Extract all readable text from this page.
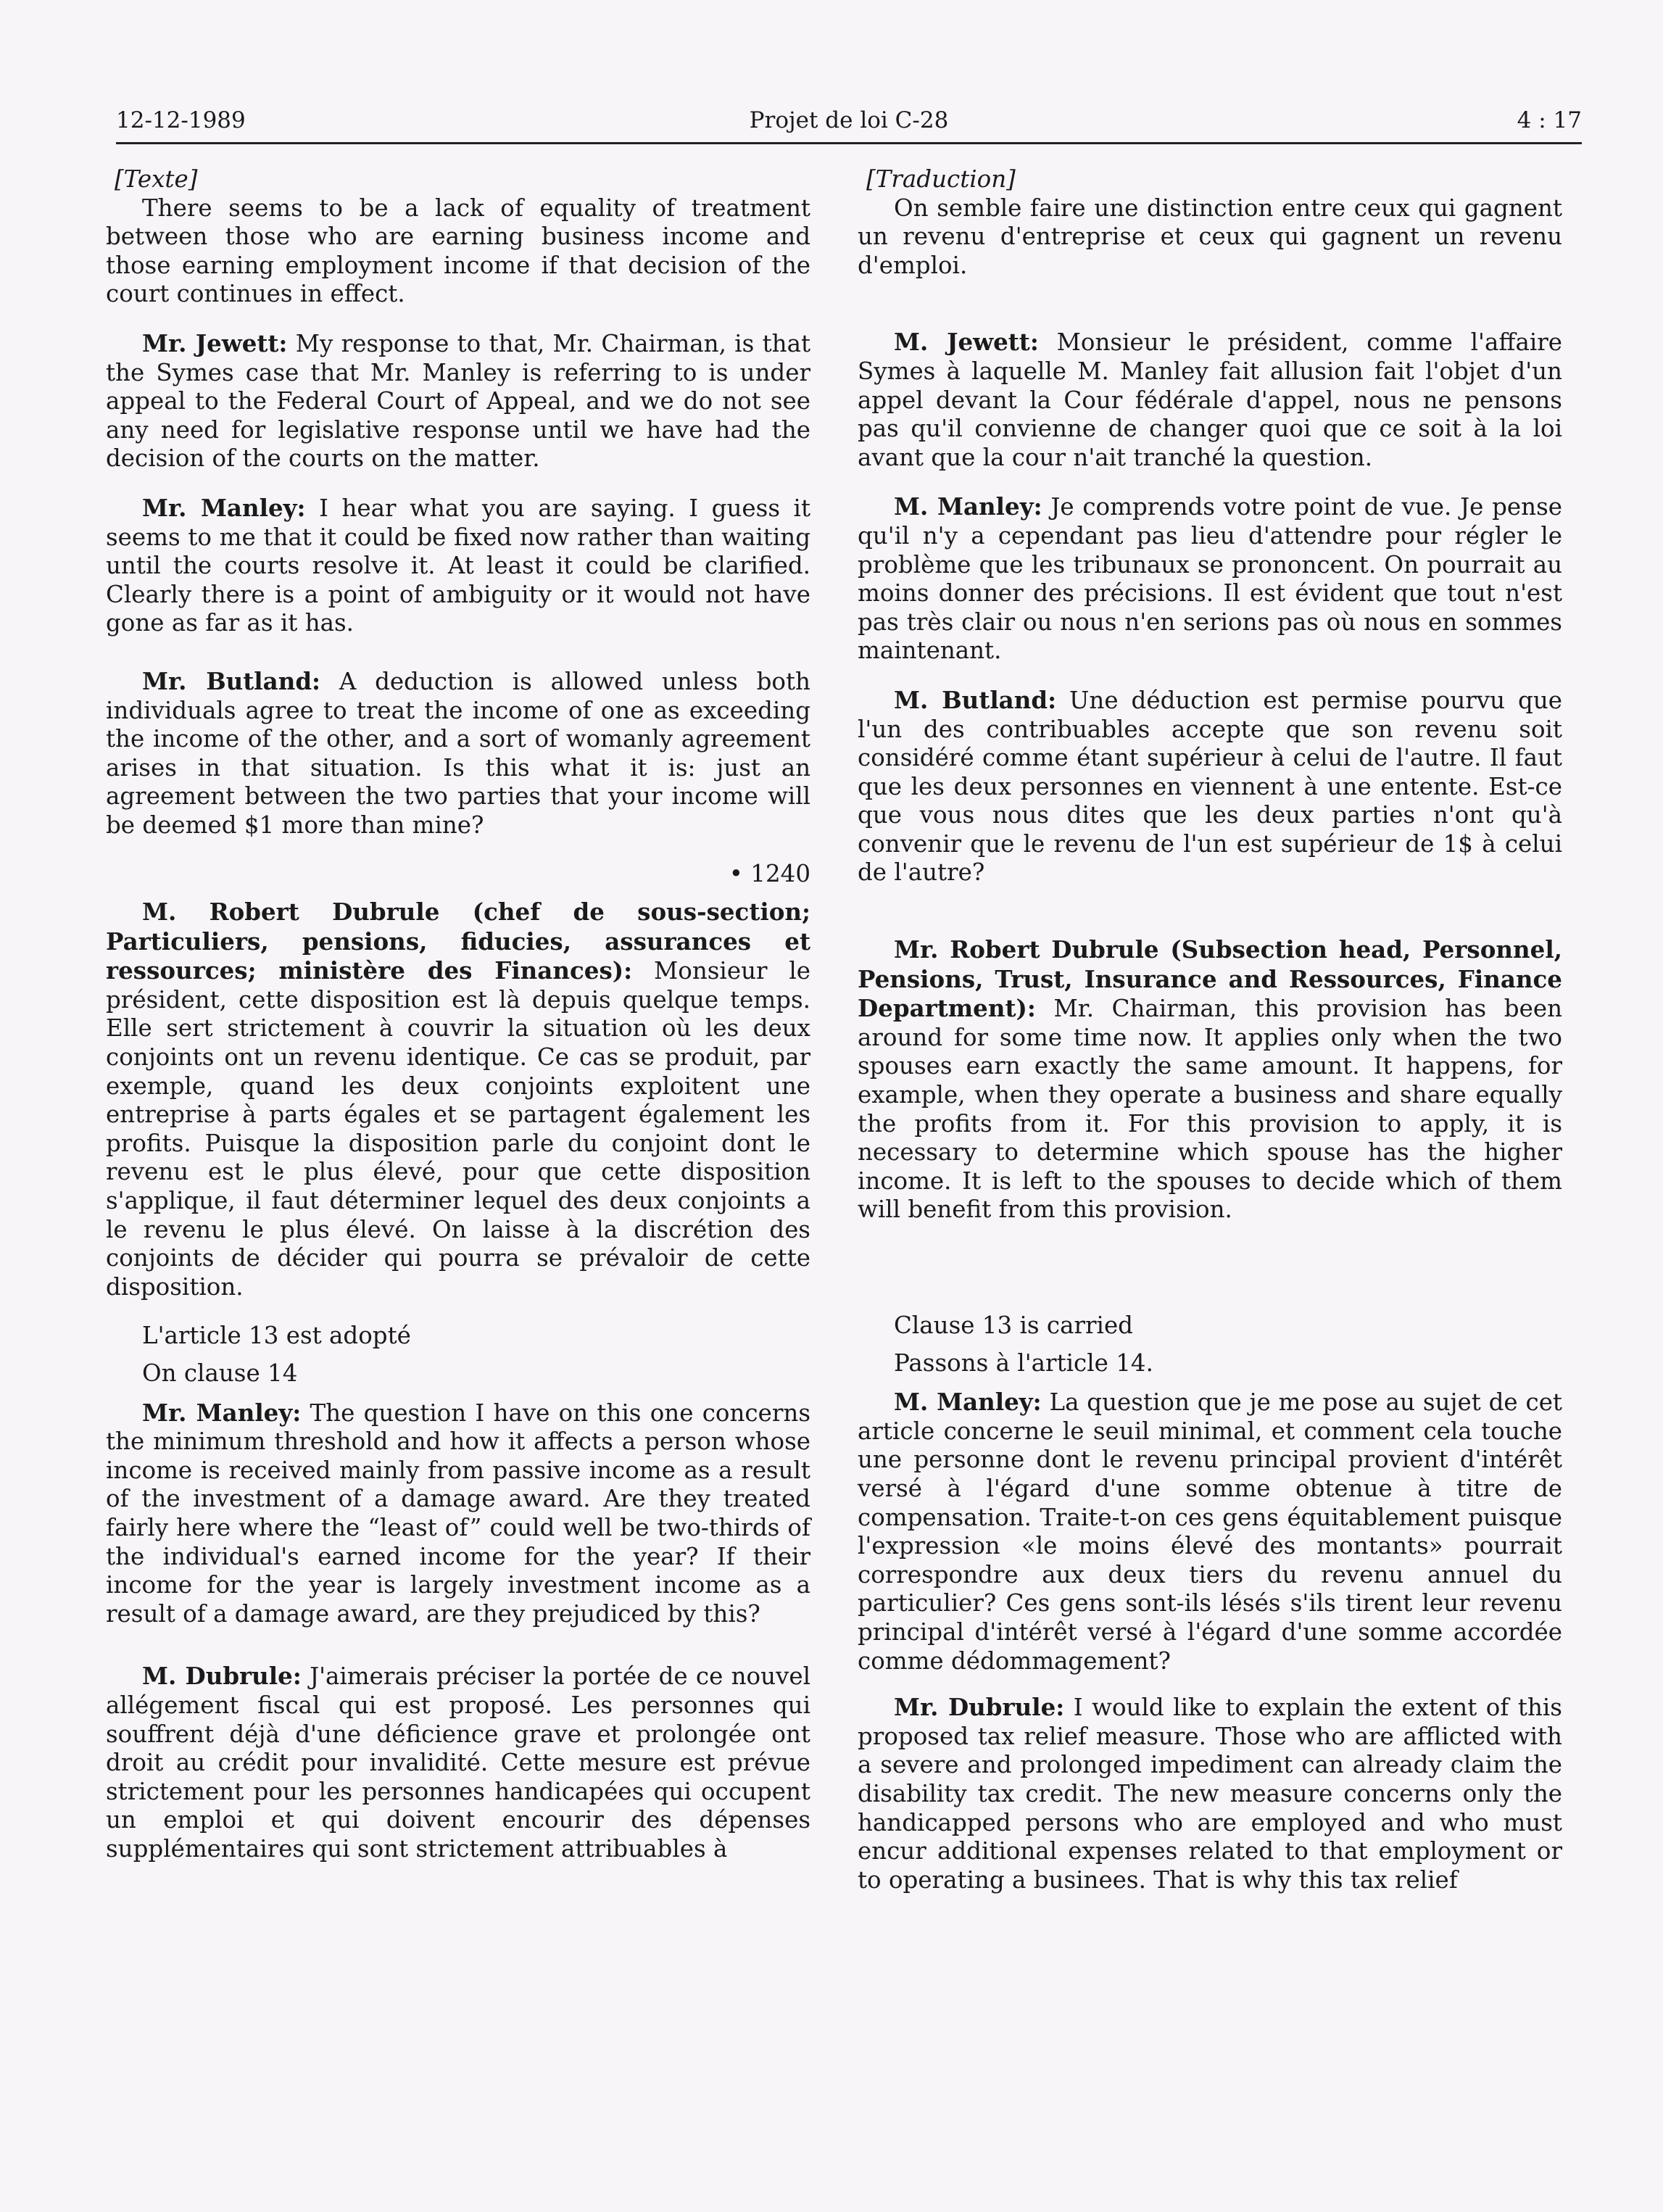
12-12-1989	Projet de loi C-28	4 : 17

[Texte]

There seems to be a lack of equality of treatment between those who are earning business income and those earning employment income if that decision of the court continues in effect.

Mr. Jewett: My response to that, Mr. Chairman, is that the Symes case that Mr. Manley is referring to is under appeal to the Federal Court of Appeal, and we do not see any need for legislative response until we have had the decision of the courts on the matter.

Mr. Manley: I hear what you are saying. I guess it seems to me that it could be fixed now rather than waiting until the courts resolve it. At least it could be clarified. Clearly there is a point of ambiguity or it would not have gone as far as it has.

Mr. Butland: A deduction is allowed unless both individuals agree to treat the income of one as exceeding the income of the other, and a sort of womanly agreement arises in that situation. Is this what it is: just an agreement between the two parties that your income will be deemed $1 more than mine?

• 1240

M. Robert Dubrule (chef de sous-section; Particuliers, pensions, fiducies, assurances et ressources; ministère des Finances): Monsieur le président, cette disposition est là depuis quelque temps. Elle sert strictement à couvrir la situation où les deux conjoints ont un revenu identique. Ce cas se produit, par exemple, quand les deux conjoints exploitent une entreprise à parts égales et se partagent également les profits. Puisque la disposition parle du conjoint dont le revenu est le plus élevé, pour que cette disposition s'applique, il faut déterminer lequel des deux conjoints a le revenu le plus élevé. On laisse à la discrétion des conjoints de décider qui pourra se prévaloir de cette disposition.

L'article 13 est adopté

On clause 14

Mr. Manley: The question I have on this one concerns the minimum threshold and how it affects a person whose income is received mainly from passive income as a result of the investment of a damage award. Are they treated fairly here where the “least of” could well be two-thirds of the individual's earned income for the year? If their income for the year is largely investment income as a result of a damage award, are they prejudiced by this?

M. Dubrule: J'aimerais préciser la portée de ce nouvel allégement fiscal qui est proposé. Les personnes qui souffrent déjà d'une déficience grave et prolongée ont droit au crédit pour invalidité. Cette mesure est prévue strictement pour les personnes handicapées qui occupent un emploi et qui doivent encourir des dépenses supplémentaires qui sont strictement attribuables à

[Traduction]

On semble faire une distinction entre ceux qui gagnent un revenu d'entreprise et ceux qui gagnent un revenu d'emploi.

M. Jewett: Monsieur le président, comme l'affaire Symes à laquelle M. Manley fait allusion fait l'objet d'un appel devant la Cour fédérale d'appel, nous ne pensons pas qu'il convienne de changer quoi que ce soit à la loi avant que la cour n'ait tranché la question.

M. Manley: Je comprends votre point de vue. Je pense qu'il n'y a cependant pas lieu d'attendre pour régler le problème que les tribunaux se prononcent. On pourrait au moins donner des précisions. Il est évident que tout n'est pas très clair ou nous n'en serions pas où nous en sommes maintenant.

M. Butland: Une déduction est permise pourvu que l'un des contribuables accepte que son revenu soit considéré comme étant supérieur à celui de l'autre. Il faut que les deux personnes en viennent à une entente. Est-ce que vous nous dites que les deux parties n'ont qu'à convenir que le revenu de l'un est supérieur de 1$ à celui de l'autre?

Mr. Robert Dubrule (Subsection head, Personnel, Pensions, Trust, Insurance and Ressources, Finance Department): Mr. Chairman, this provision has been around for some time now. It applies only when the two spouses earn exactly the same amount. It happens, for example, when they operate a business and share equally the profits from it. For this provision to apply, it is necessary to determine which spouse has the higher income. It is left to the spouses to decide which of them will benefit from this provision.

Clause 13 is carried

Passons à l'article 14.

M. Manley: La question que je me pose au sujet de cet article concerne le seuil minimal, et comment cela touche une personne dont le revenu principal provient d'intérêt versé à l'égard d'une somme obtenue à titre de compensation. Traite-t-on ces gens équitablement puisque l'expression «le moins élevé des montants» pourrait correspondre aux deux tiers du revenu annuel du particulier? Ces gens sont-ils lésés s'ils tirent leur revenu principal d'intérêt versé à l'égard d'une somme accordée comme dédommagement?

Mr. Dubrule: I would like to explain the extent of this proposed tax relief measure. Those who are afflicted with a severe and prolonged impediment can already claim the disability tax credit. The new measure concerns only the handicapped persons who are employed and who must encur additional expenses related to that employment or to operating a businees. That is why this tax relief
